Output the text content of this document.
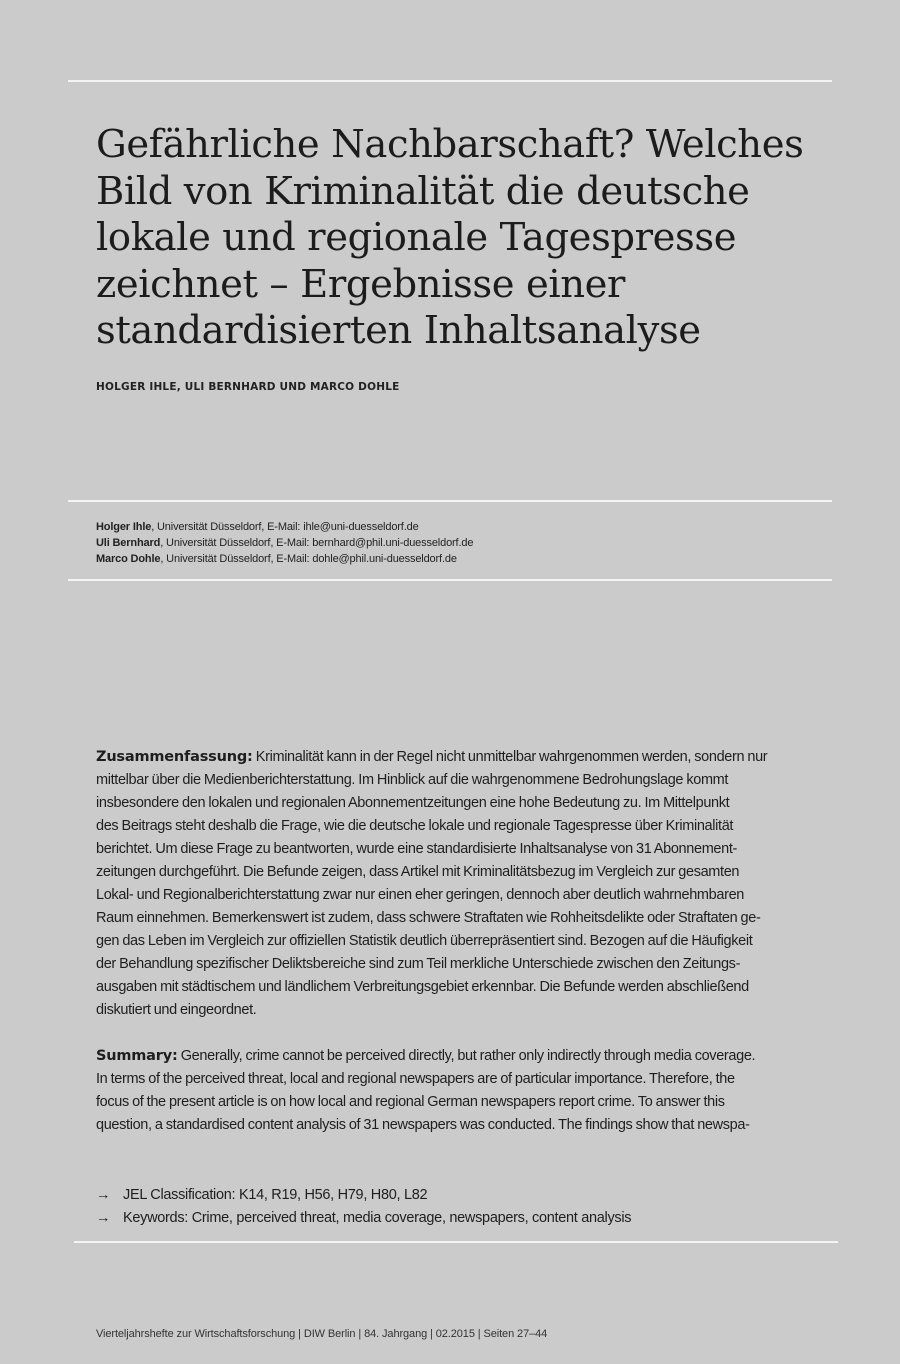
Gefährliche Nachbarschaft? Welches
Bild von Kriminalität die deutsche
lokale und regionale Tagespresse
zeichnet – Ergebnisse einer
standardisierten Inhaltsanalyse
HOLGER IHLE, ULI BERNHARD UND MARCO DOHLE
Holger Ihle, Universität Düsseldorf, E-Mail: ihle@uni-duesseldorf.de
Uli Bernhard, Universität Düsseldorf, E-Mail: bernhard@phil.uni-duesseldorf.de
Marco Dohle, Universität Düsseldorf, E-Mail: dohle@phil.uni-duesseldorf.de

Zusammenfassung: Kriminalität kann in der Regel nicht unmittelbar wahrgenommen werden, sondern nur
mittelbar über die Medienberichterstattung. Im Hinblick auf die wahrgenommene Bedrohungslage kommt
insbesondere den lokalen und regionalen Abonnementzeitungen eine hohe Bedeutung zu. Im Mittelpunkt
des Beitrags steht deshalb die Frage, wie die deutsche lokale und regionale Tagespresse über Kriminalität
berichtet. Um diese Frage zu beantworten, wurde eine standardisierte Inhaltsanalyse von 31 Abonnement-
zeitungen durchgeführt. Die Befunde zeigen, dass Artikel mit Kriminalitätsbezug im Vergleich zur gesamten
Lokal- und Regionalberichterstattung zwar nur einen eher geringen, dennoch aber deutlich wahrnehmbaren
Raum einnehmen. Bemerkenswert ist zudem, dass schwere Straftaten wie Rohheitsdelikte oder Straftaten ge-
gen das Leben im Vergleich zur offiziellen Statistik deutlich überrepräsentiert sind. Bezogen auf die Häufigkeit
der Behandlung spezifischer Deliktsbereiche sind zum Teil merkliche Unterschiede zwischen den Zeitungs-
ausgaben mit städtischem und ländlichem Verbreitungsgebiet erkennbar. Die Befunde werden abschließend
diskutiert und eingeordnet.

Summary: Generally, crime cannot be perceived directly, but rather only indirectly through media coverage.
In terms of the perceived threat, local and regional newspapers are of particular importance. Therefore, the
focus of the present article is on how local and regional German newspapers report crime. To answer this
question, a standardised content analysis of 31 newspapers was conducted. The findings show that newspa-

→ JEL Classification: K14, R19, H56, H79, H80, L82
→ Keywords: Crime, perceived threat, media coverage, newspapers, content analysis
Vierteljahrshefte zur Wirtschaftsforschung | DIW Berlin | 84. Jahrgang | 02.2015 | Seiten 27–44
